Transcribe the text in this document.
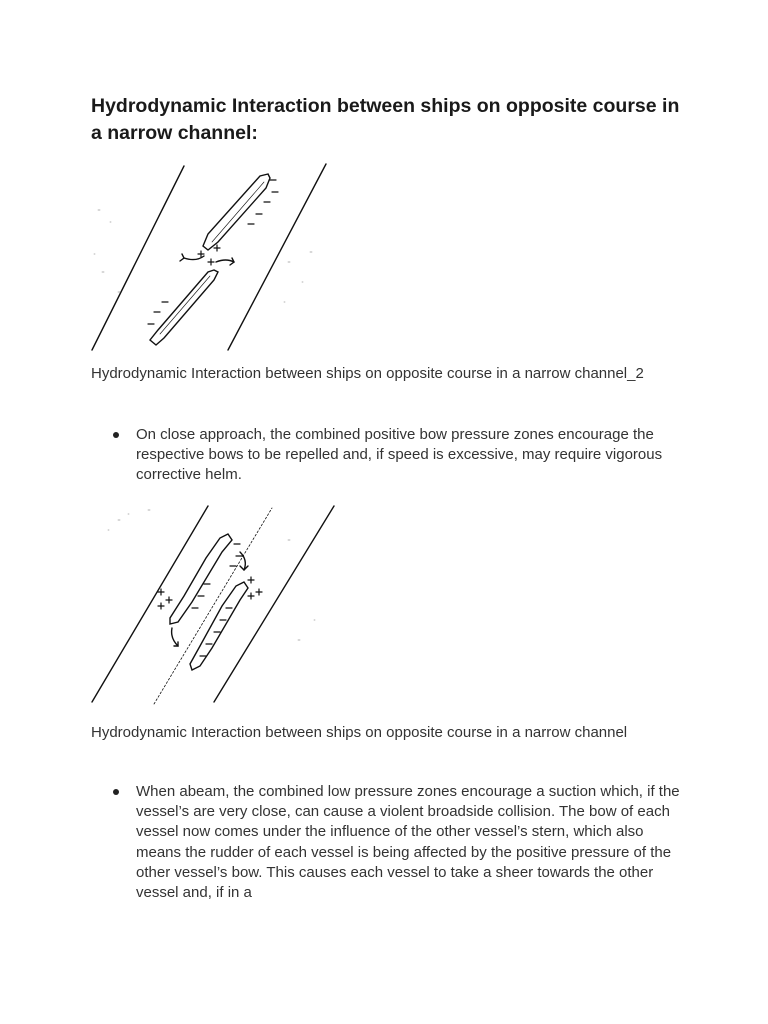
Hydrodynamic Interaction between ships on opposite course in a narrow channel:

Hydrodynamic Interaction between ships on opposite course in a narrow channel_2

On close approach, the combined positive bow pressure zones encourage the respective bows to be repelled and, if speed is excessive, may require vigorous corrective helm.

Hydrodynamic Interaction between ships on opposite course in a narrow channel

When abeam, the combined low pressure zones encourage a suction which, if the vessel’s are very close, can cause a violent broadside collision. The bow of each vessel now comes under the influence of the other vessel’s stern, which also means the rudder of each vessel is being affected by the positive pressure of the other vessel’s bow. This causes each vessel to take a sheer towards the other vessel and, if in a
